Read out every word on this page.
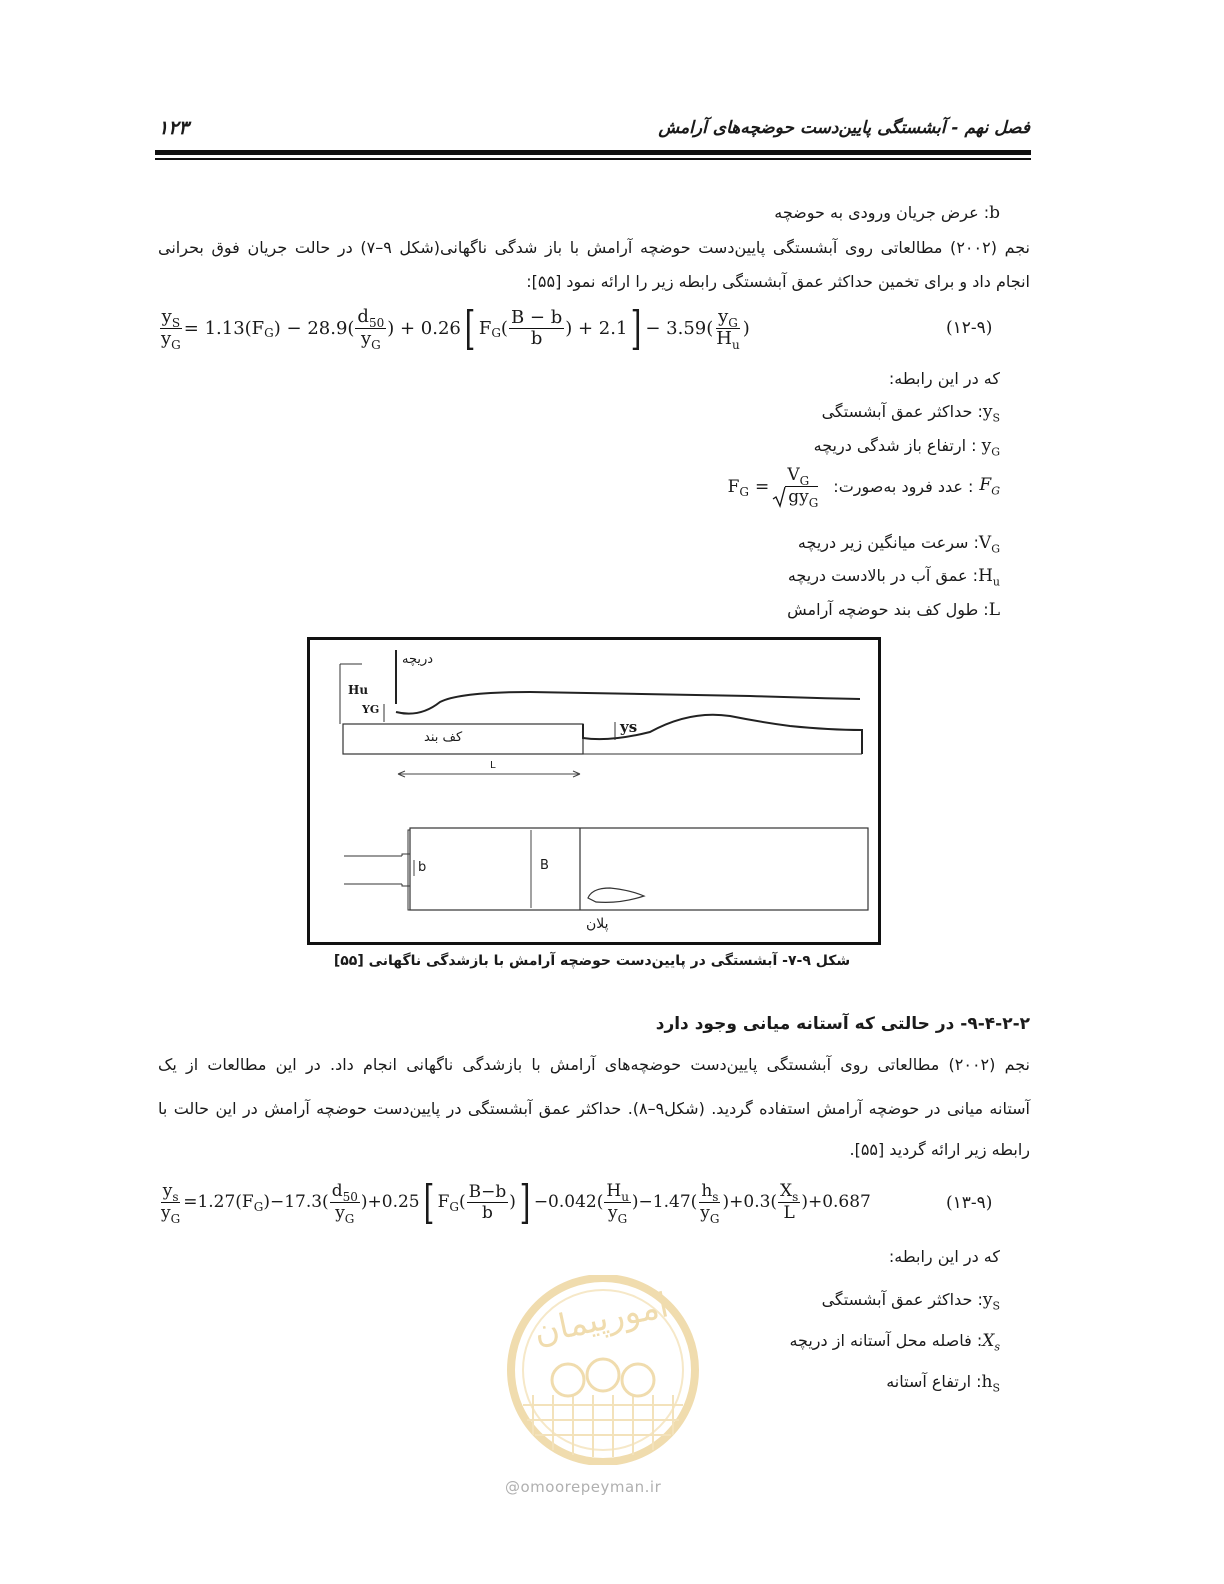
فصل نهم - آبشستگی پایین‌دست حوضچه‌های آرامش
۱۲۳
b: عرض جریان ورودی به حوضچه
نجم (۲۰۰۲) مطالعاتی روی آبشستگی پایین‌دست حوضچه آرامش با باز شدگی ناگهانی(شکل ۹–۷) در حالت جریان فوق بحرانی
انجام داد و برای تخمین حداکثر عمق آبشستگی رابطه زیر را ارائه نمود [۵۵]:
$\frac{y_S}{y_G} = 1.13(F$ G ) − $28.9( \frac{d_{50}}{y_G}$ ) + 0.26 [ F G ( $\frac{B - b}{b}$ ) + 2.1 ] − $3.59( \frac{y_G}{H_u}$ )	(۱۲-۹)
که در این رابطه:
$y_S$: حداکثر عمق آبشستگی
$y_G$ : ارتفاع باز شدگی دریچه
$F_G$
: عدد فرود به‌صورت:
F $G = \frac{V_G}{gy_G}$
$V_G$: سرعت میانگین زیر دریچه
$H_u$: عمق آب در بالادست دریچه
L: طول کف بند حوضچه آرامش
دریچه
Hu
YG
ys
کف بند
L
b	B
پلان
شکل ۹-۷- آبشستگی در پایین‌دست حوضچه آرامش با بازشدگی ناگهانی [۵۵]
۹-۴-۲-۲- در حالتی که آستانه میانی وجود دارد
نجم (۲۰۰۲) مطالعاتی روی آبشستگی پایین‌دست حوضچه‌های آرامش با بازشدگی ناگهانی انجام داد. در این مطالعات از یک
آستانه میانی در حوضچه آرامش استفاده گردید. (شکل۹–۸). حداکثر عمق آبشستگی در پایین‌دست حوضچه آرامش در این حالت با
رابطه زیر ارائه گردید [۵۵].
$\frac{y_s}{y_G} =1.27(F$ G )$-17.3( \frac{d_{50}}{y_G} )+0.25$ [ F G ( $\frac{B-b}{b}$ ) ] $-0.042( \frac{H_u}{y_G} )-1.47( \frac{h_s}{y_G} )+0.3( \frac{X_s}{L} )+0.687$	(۱۳-۹)
که در این رابطه:
$y_S$: حداکثر عمق آبشستگی
$X_s$: فاصله محل آستانه از دریچه
$h_S$: ارتفاع آستانه
امورپیمان
@omoorepeyman.ir
